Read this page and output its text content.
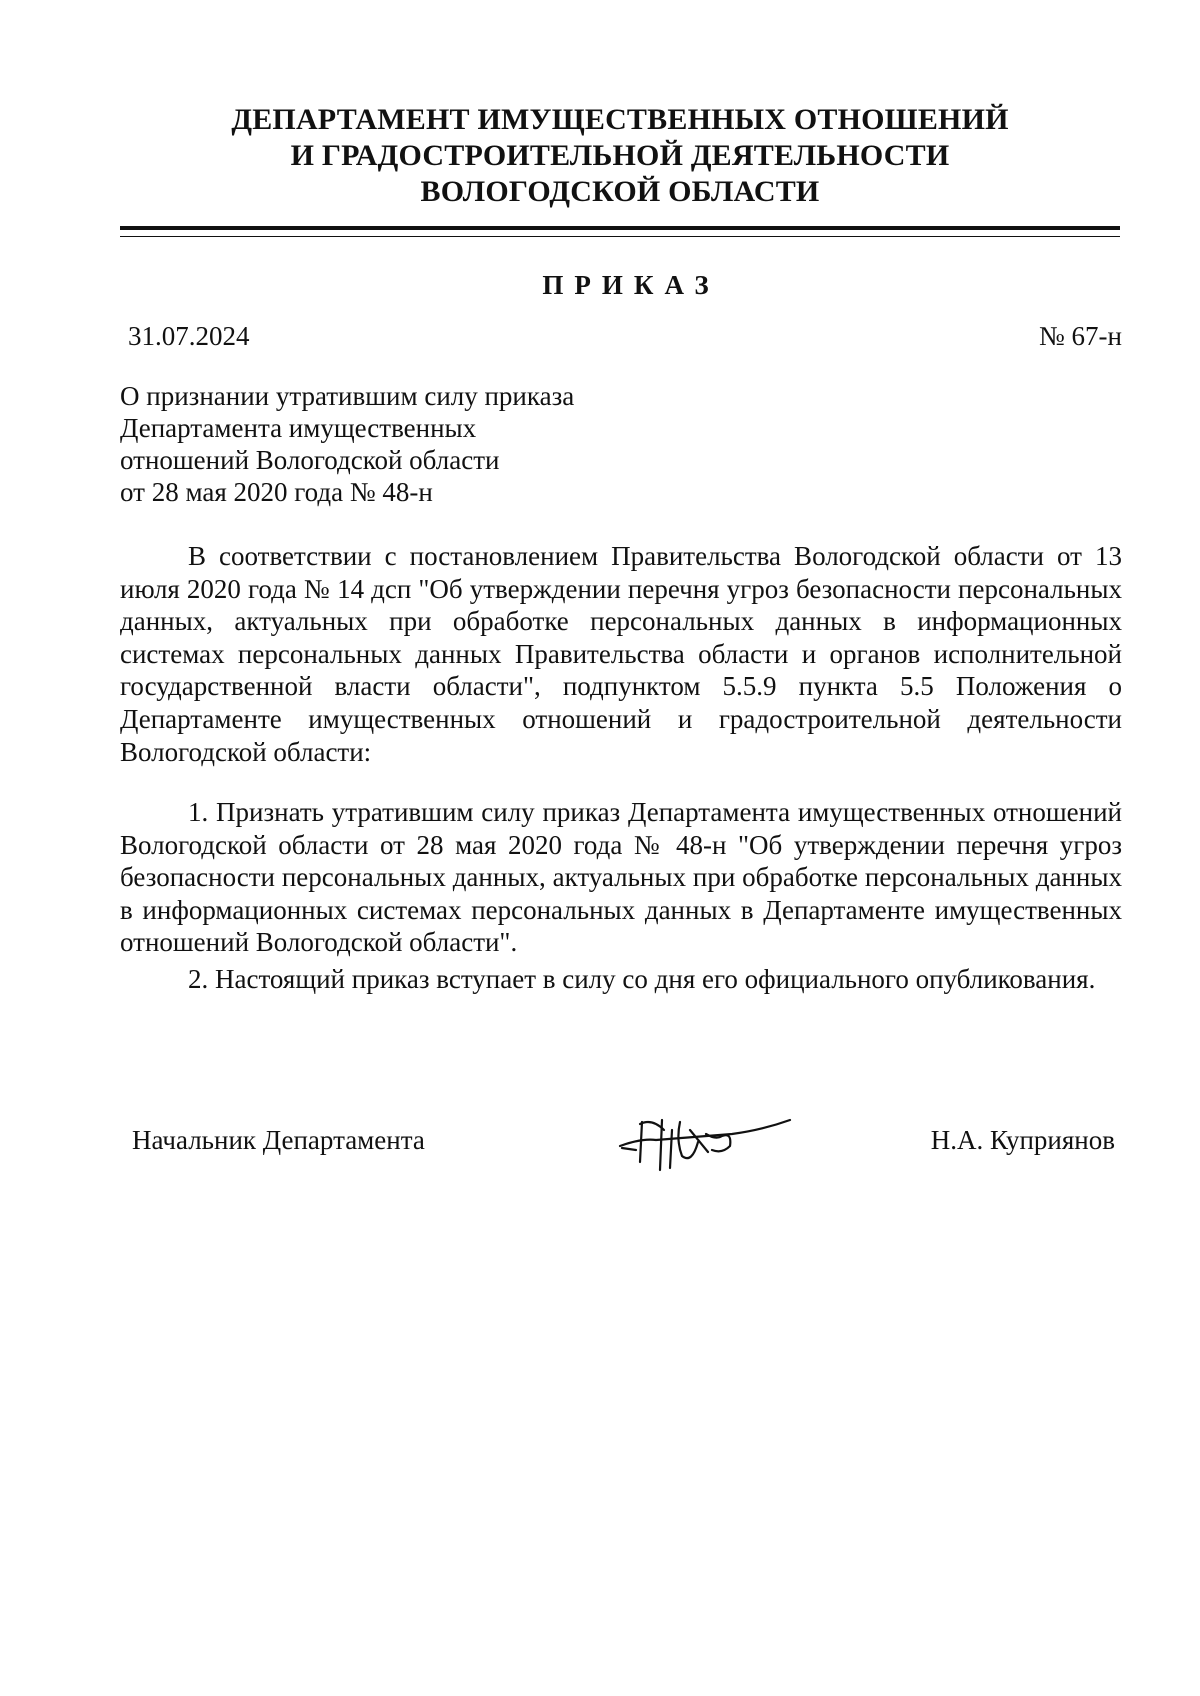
ДЕПАРТАМЕНТ ИМУЩЕСТВЕННЫХ ОТНОШЕНИЙ
И ГРАДОСТРОИТЕЛЬНОЙ ДЕЯТЕЛЬНОСТИ
ВОЛОГОДСКОЙ ОБЛАСТИ
ПРИКАЗ
31.07.2024	№ 67-н
О признании утратившим силу приказа
Департамента имущественных
отношений Вологодской области
от 28 мая 2020 года № 48-н
В соответствии с постановлением Правительства Вологодской области от 13 июля 2020 года № 14 дсп "Об утверждении перечня угроз безопасности персональных данных, актуальных при обработке персональных данных в информационных системах персональных данных Правительства области и органов исполнительной государственной власти области", подпунктом 5.5.9 пункта 5.5 Положения о Департаменте имущественных отношений и градостроительной деятельности Вологодской области:
1. Признать утратившим силу приказ Департамента имущественных отношений Вологодской области от 28 мая 2020 года № 48-н "Об утверждении перечня угроз безопасности персональных данных, актуальных при обработке персональных данных в информационных системах персональных данных в Департаменте имущественных отношений Вологодской области".
2. Настоящий приказ вступает в силу со дня его официального опубликования.
Начальник Департамента	Н.А. Куприянов
